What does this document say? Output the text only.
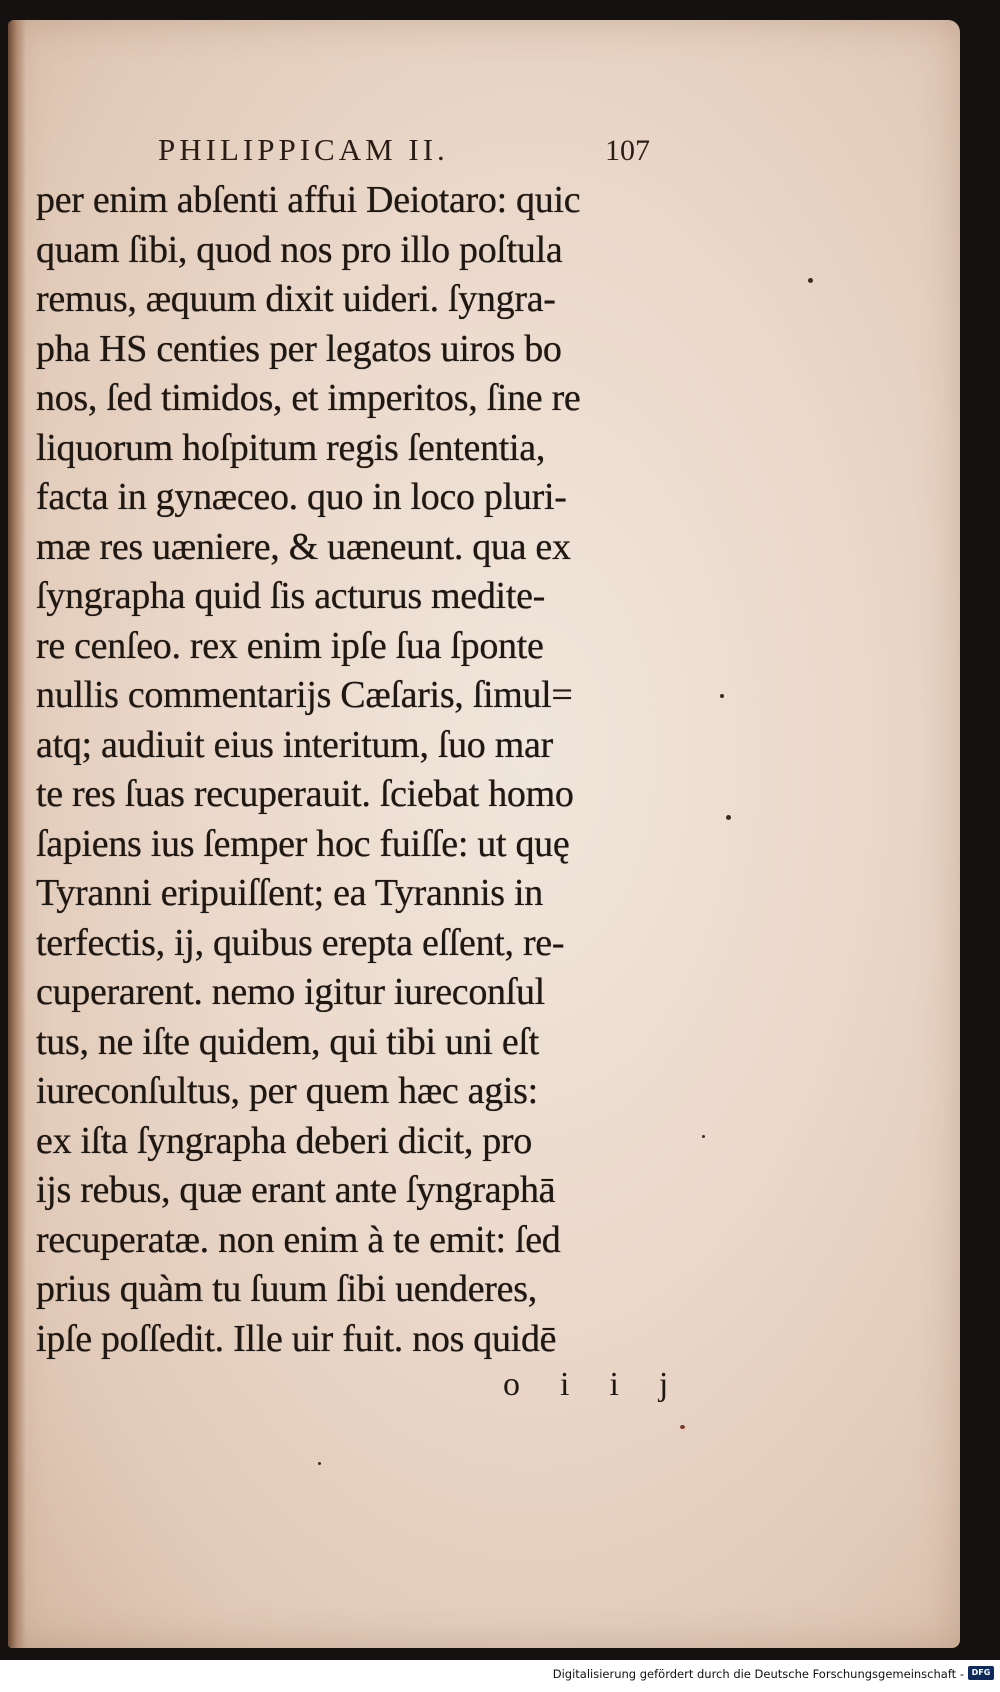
PHILIPPICAM II.	107
per enim abſenti affui Deiotaro: quic
quam ſibi, quod nos pro illo poſtula
remus, æquum dixit uideri. ſyngra-
pha HS centies per legatos uiros bo
nos, ſed timidos, et imperitos, ſine re
liquorum hoſpitum regis ſententia,
facta in gynæceo. quo in loco pluri-
mæ res uæniere, & uæneunt. qua ex
ſyngrapha quid ſis acturus medite-
re cenſeo. rex enim ipſe ſua ſponte
nullis commentarijs Cæſaris, ſimul=
atq; audiuit eius interitum, ſuo mar
te res ſuas recuperauit. ſciebat homo
ſapiens ius ſemper hoc fuiſſe: ut quę
Tyranni eripuiſſent; ea Tyrannis in
terfectis, ij, quibus erepta eſſent, re-
cuperarent. nemo igitur iureconſul
tus, ne iſte quidem, qui tibi uni eſt
iureconſultus, per quem hæc agis:
ex iſta ſyngrapha deberi dicit, pro
ijs rebus, quæ erant ante ſyngraphā
recuperatæ. non enim à te emit: ſed
prius quàm tu ſuum ſibi uenderes,
ipſe poſſedit. Ille uir fuit. nos quidē
oiij
Digitalisierung gefördert durch die Deutsche Forschungsgemeinschaft - DFG
